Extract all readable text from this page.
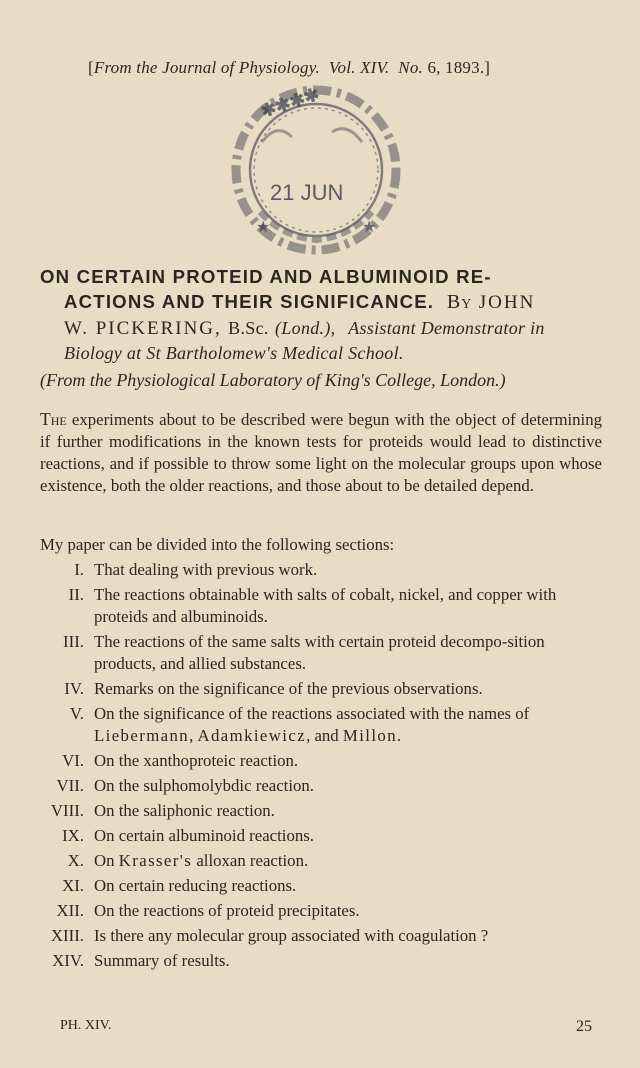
[From the Journal of Physiology. Vol. XIV. No. 6, 1893.]
✱✱✱✱
★	★
21 JUN
ON CERTAIN PROTEID AND ALBUMINOID RE-
ACTIONS AND THEIR SIGNIFICANCE. By JOHN
W. PICKERING, B.Sc. (Lond.), Assistant Demonstrator in
Biology at St Bartholomew's Medical School.
(From the Physiological Laboratory of King's College, London.)

The experiments about to be described were begun with the object of determining if further modifications in the known tests for proteids would lead to distinctive reactions, and if possible to throw some light on the molecular groups upon whose existence, both the older reactions, and those about to be detailed depend.

My paper can be divided into the following sections:
I. That dealing with previous work.
II. The reactions obtainable with salts of cobalt, nickel, and copper with proteids and albuminoids.
III. The reactions of the same salts with certain proteid decompo-sition products, and allied substances.
IV. Remarks on the significance of the previous observations.
V. On the significance of the reactions associated with the names of Liebermann, Adamkiewicz, and Millon.
VI. On the xanthoproteic reaction.
VII. On the sulphomolybdic reaction.
VIII. On the saliphonic reaction.
IX. On certain albuminoid reactions.
X. On Krasser's alloxan reaction.
XI. On certain reducing reactions.
XII. On the reactions of proteid precipitates.
XIII. Is there any molecular group associated with coagulation ?
XIV. Summary of results.
PH. XIV.	25
